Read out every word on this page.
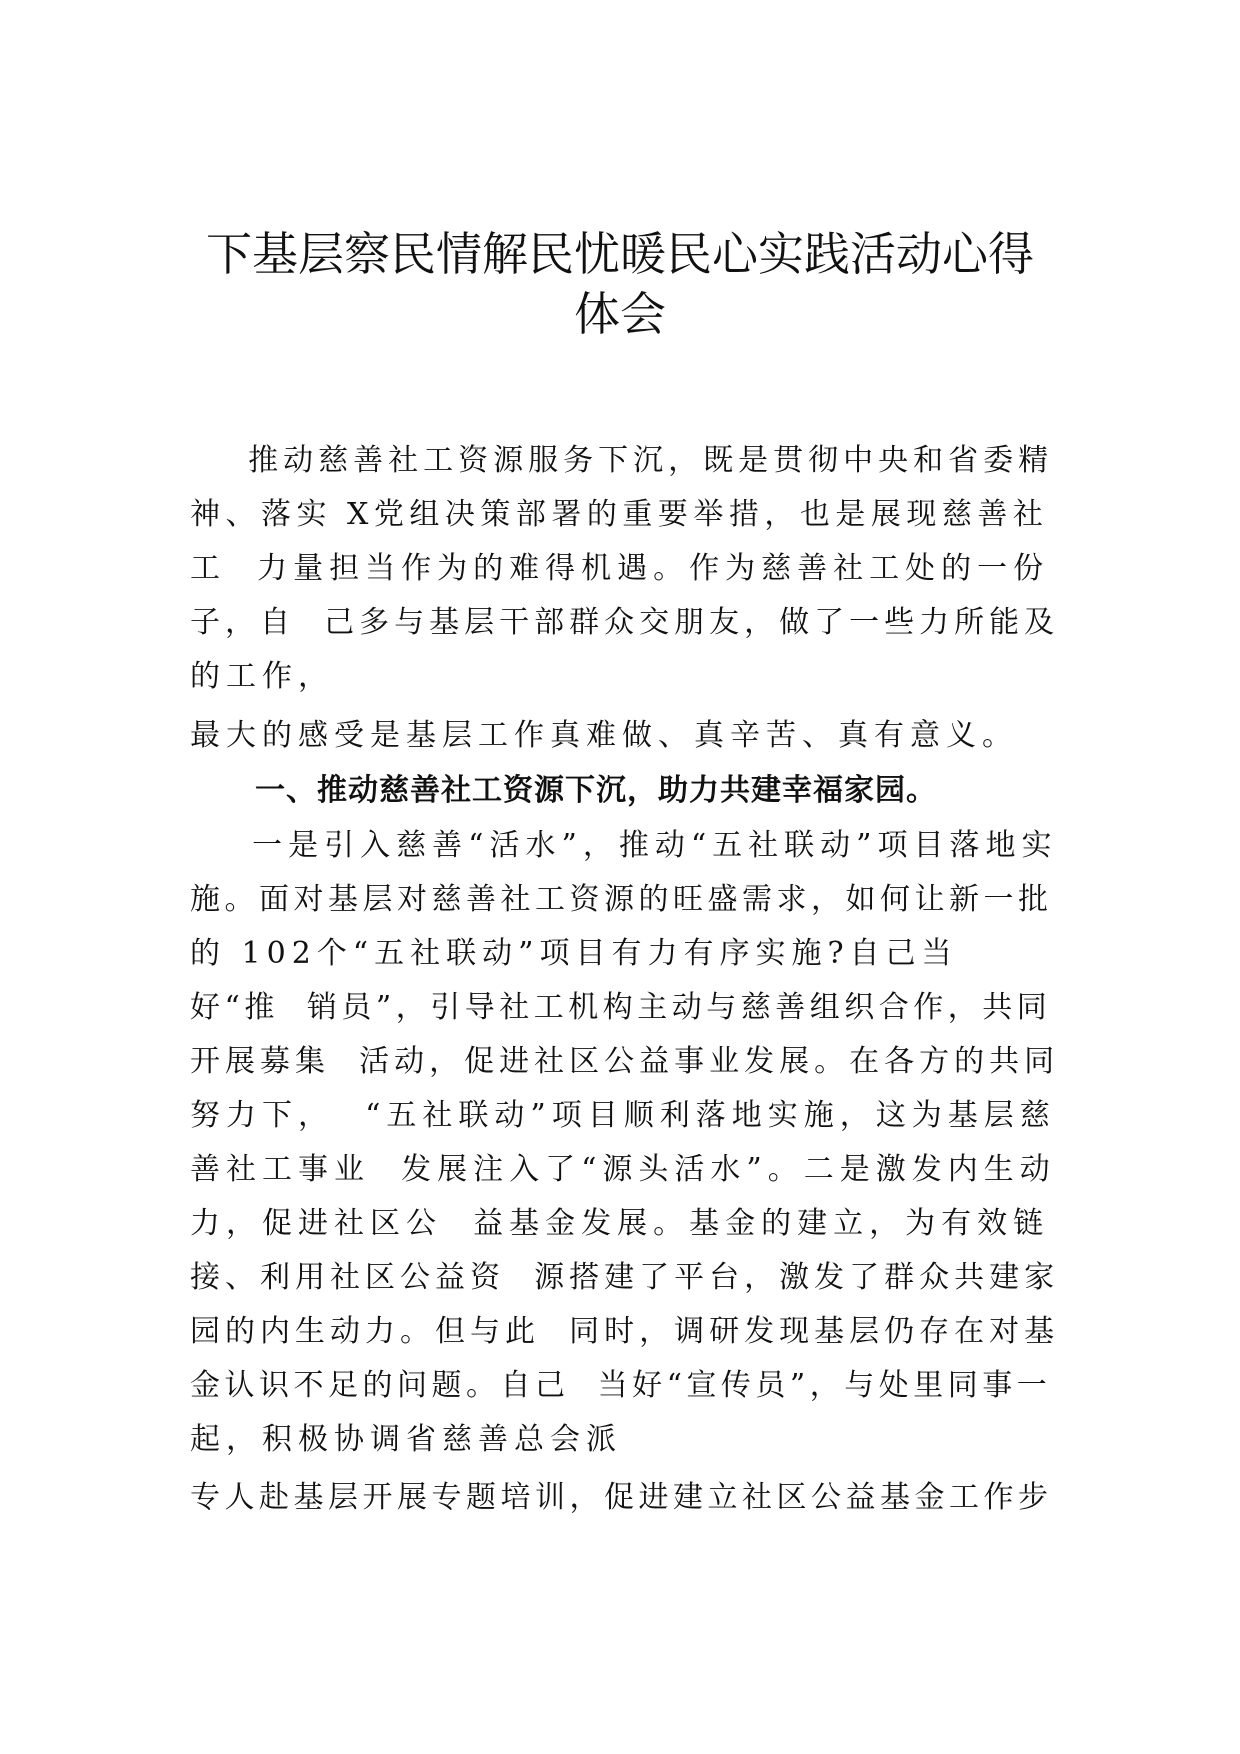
下基层察民情解民忧暖民心实践活动心得
体会
推动慈善社工资源服务下沉，既是贯彻中央和省委精
神、落实 X党组决策部署的重要举措，也是展现慈善社
工  力量担当作为的难得机遇。作为慈善社工处的一份
子，自  己多与基层干部群众交朋友，做了一些力所能及
的工作，
最大的感受是基层工作真难做、真辛苦、真有意义。
一、推动慈善社工资源下沉，助力共建幸福家园。
一是引入慈善“活水”，推动“五社联动”项目落地实
施。面对基层对慈善社工资源的旺盛需求，如何让新一批
的 102个“五社联动”项目有力有序实施?自己当
好“推  销员”，引导社工机构主动与慈善组织合作，共同
开展募集  活动，促进社区公益事业发展。在各方的共同
努力下，  “五社联动”项目顺利落地实施，这为基层慈
善社工事业  发展注入了“源头活水”。二是激发内生动
力，促进社区公  益基金发展。基金的建立，为有效链
接、利用社区公益资  源搭建了平台，激发了群众共建家
园的内生动力。但与此  同时，调研发现基层仍存在对基
金认识不足的问题。自己  当好“宣传员”，与处里同事一
起，积极协调省慈善总会派
专人赴基层开展专题培训，促进建立社区公益基金工作步
